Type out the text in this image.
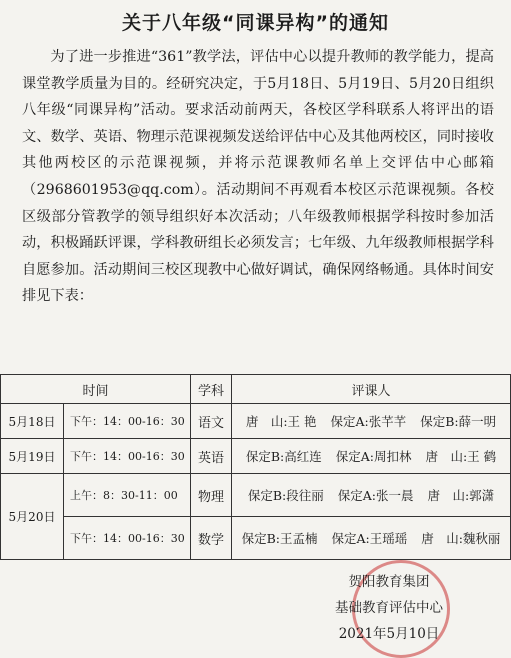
关于八年级“同课异构”的通知

为了进一步推进“361”教学法，评估中心以提升教师的教学能力，提高课堂教学质量为目的。经研究决定，于5月18日、5月19日、5月20日组织八年级“同课异构”活动。要求活动前两天，各校区学科联系人将评出的语文、数学、英语、物理示范课视频发送给评估中心及其他两校区，同时接收其他两校区的示范课视频，并将示范课教师名单上交评估中心邮箱（2968601953@qq.com）。活动期间不再观看本校区示范课视频。各校区级部分管教学的领导组织好本次活动；八年级教师根据学科按时参加活动，积极踊跃评课，学科教研组长必须发言；七年级、九年级教师根据学科自愿参加。活动期间三校区现教中心做好调试，确保网络畅通。具体时间安排见下表：

时间		学科	评课人
5月18日	下午：14：00-16：30	语文	唐　山:王 艳 保定A:张芊芊 保定B:薛一明
5月19日	下午：14：00-16：30	英语	保定B:高红连 保定A:周扣林 唐　山:王 鹤
5月20日	上午：8：30-11：00	物理	保定B:段往丽 保定A:张一晨 唐　山:郭潇
	下午：14：00-16：30	数学	保定B:王孟楠 保定A:王瑶瑶 唐　山:魏秋丽
贺阳教育集团
基础教育评估中心
2021年5月10日
